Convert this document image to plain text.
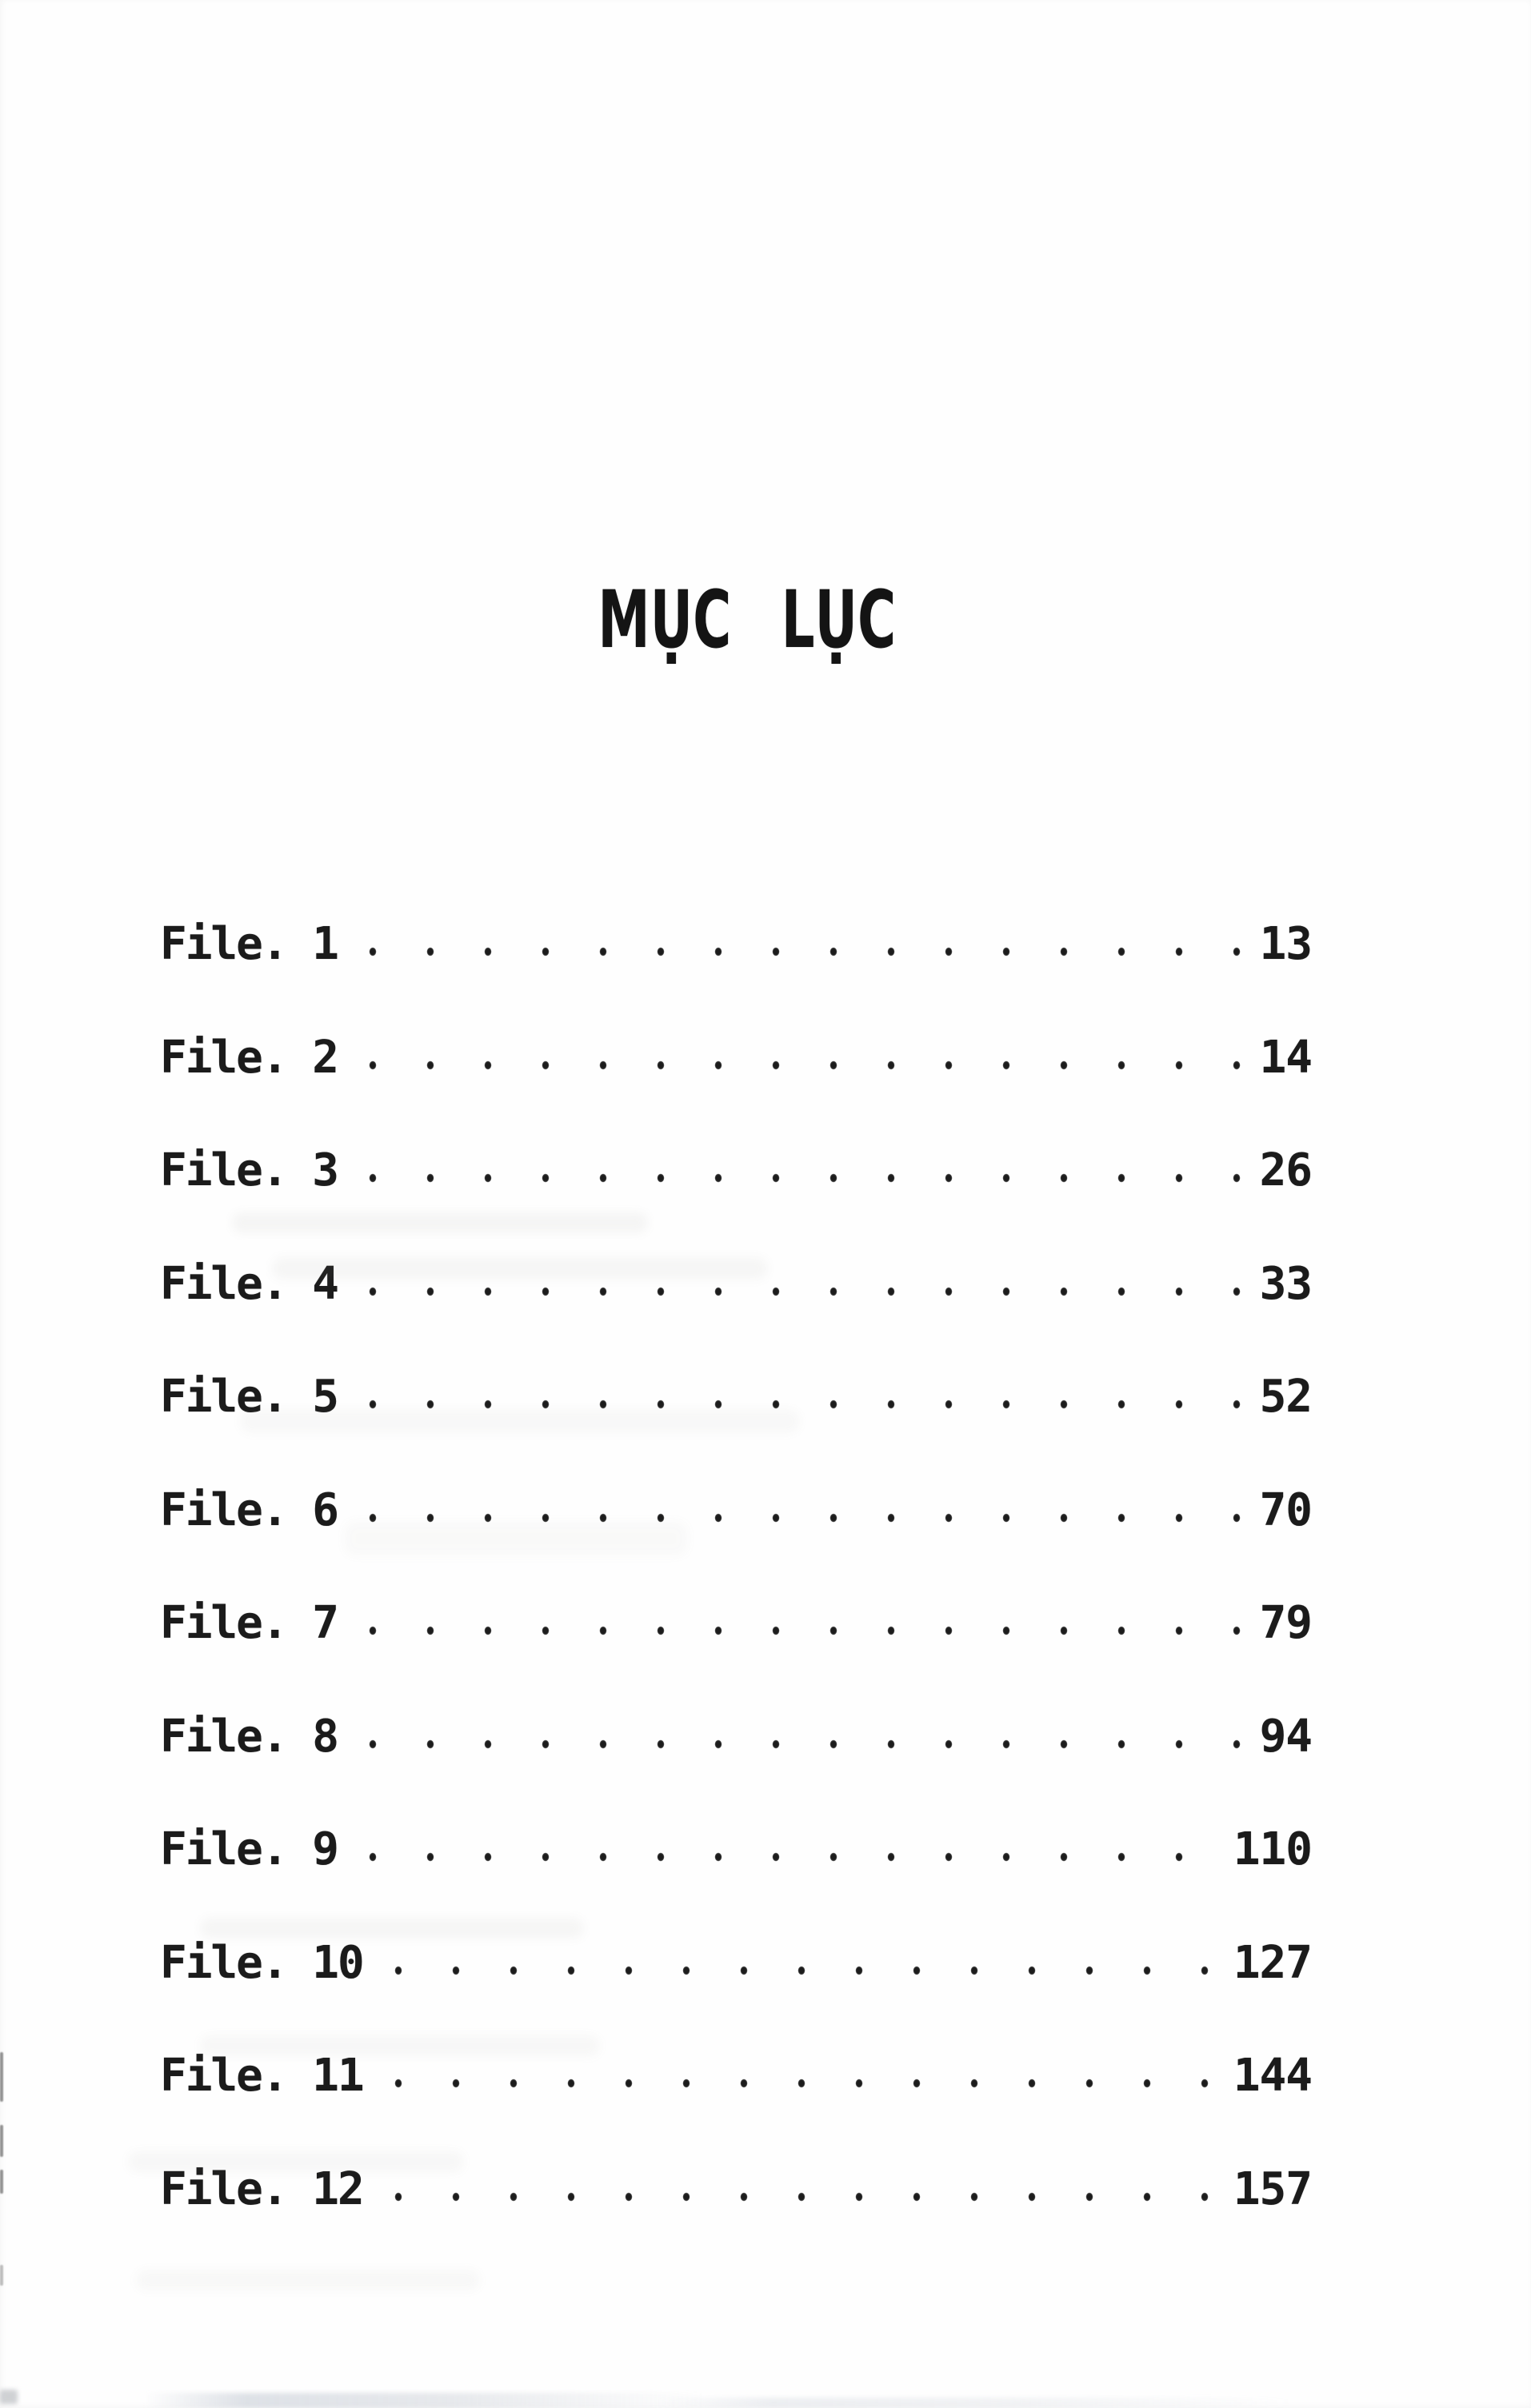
MỤC LỤC
File. 1	13
File. 2	14
File. 3	26
File. 4	33
File. 5	52
File. 6	70
File. 7	79
File. 8	94
File. 9	110
File. 10	127
File. 11	144
File. 12	157
